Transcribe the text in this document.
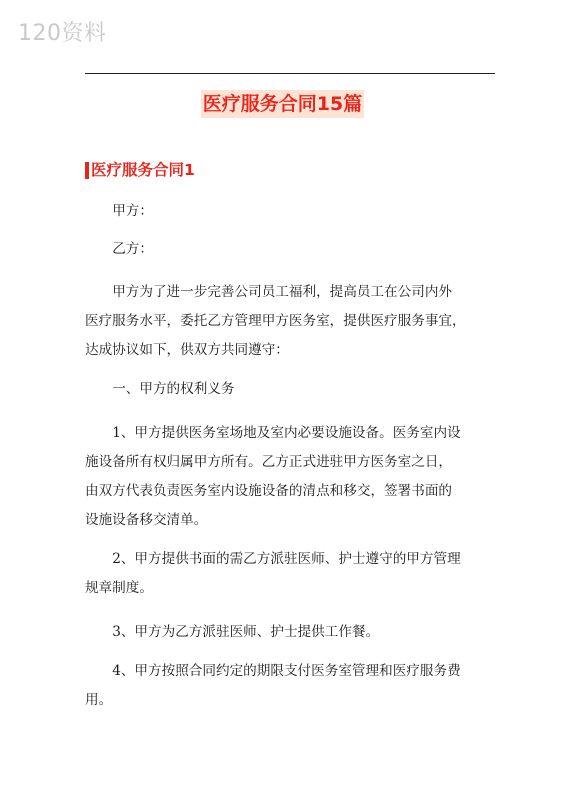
120资料
医疗服务合同15篇
医疗服务合同1
甲方：
乙方：
甲方为了进一步完善公司员工福利，提高员工在公司内外
医疗服务水平，委托乙方管理甲方医务室，提供医疗服务事宜，
达成协议如下，供双方共同遵守：
一、甲方的权利义务
1、甲方提供医务室场地及室内必要设施设备。医务室内设
施设备所有权归属甲方所有。乙方正式进驻甲方医务室之日，
由双方代表负责医务室内设施设备的清点和移交，签署书面的
设施设备移交清单。
2、甲方提供书面的需乙方派驻医师、护士遵守的甲方管理
规章制度。
3、甲方为乙方派驻医师、护士提供工作餐。
4、甲方按照合同约定的期限支付医务室管理和医疗服务费
用。
